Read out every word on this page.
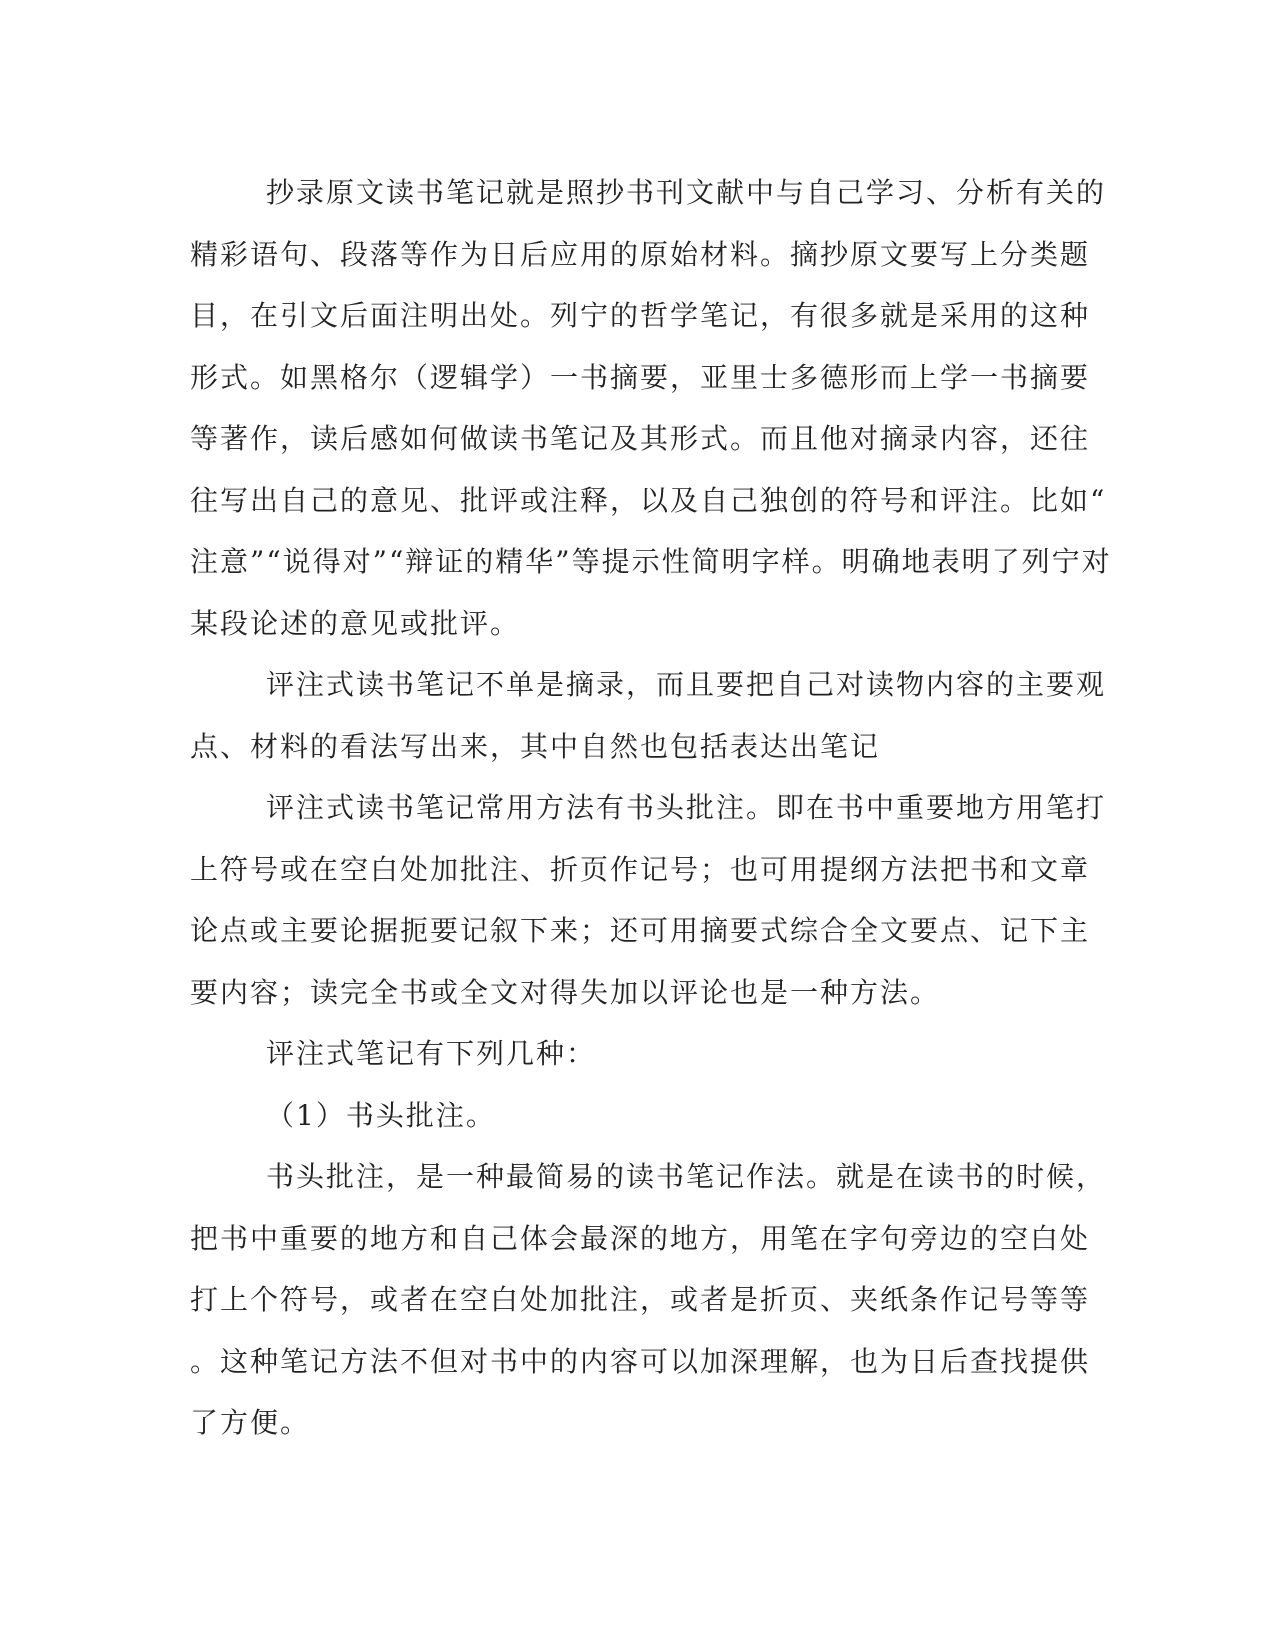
抄录原文读书笔记就是照抄书刊文献中与自己学习、分析有关的
精彩语句、段落等作为日后应用的原始材料。摘抄原文要写上分类题
目，在引文后面注明出处。列宁的哲学笔记，有很多就是采用的这种
形式。如黑格尔（逻辑学）一书摘要，亚里士多德形而上学一书摘要
等著作，读后感如何做读书笔记及其形式。而且他对摘录内容，还往
往写出自己的意见、批评或注释，以及自己独创的符号和评注。比如“
注意”“说得对”“辩证的精华”等提示性简明字样。明确地表明了列宁对
某段论述的意见或批评。
评注式读书笔记不单是摘录，而且要把自己对读物内容的主要观
点、材料的看法写出来，其中自然也包括表达出笔记
评注式读书笔记常用方法有书头批注。即在书中重要地方用笔打
上符号或在空白处加批注、折页作记号；也可用提纲方法把书和文章
论点或主要论据扼要记叙下来；还可用摘要式综合全文要点、记下主
要内容；读完全书或全文对得失加以评论也是一种方法。
评注式笔记有下列几种：
（1）书头批注。
书头批注，是一种最简易的读书笔记作法。就是在读书的时候，
把书中重要的地方和自己体会最深的地方，用笔在字句旁边的空白处
打上个符号，或者在空白处加批注，或者是折页、夹纸条作记号等等
。这种笔记方法不但对书中的内容可以加深理解，也为日后查找提供
了方便。
